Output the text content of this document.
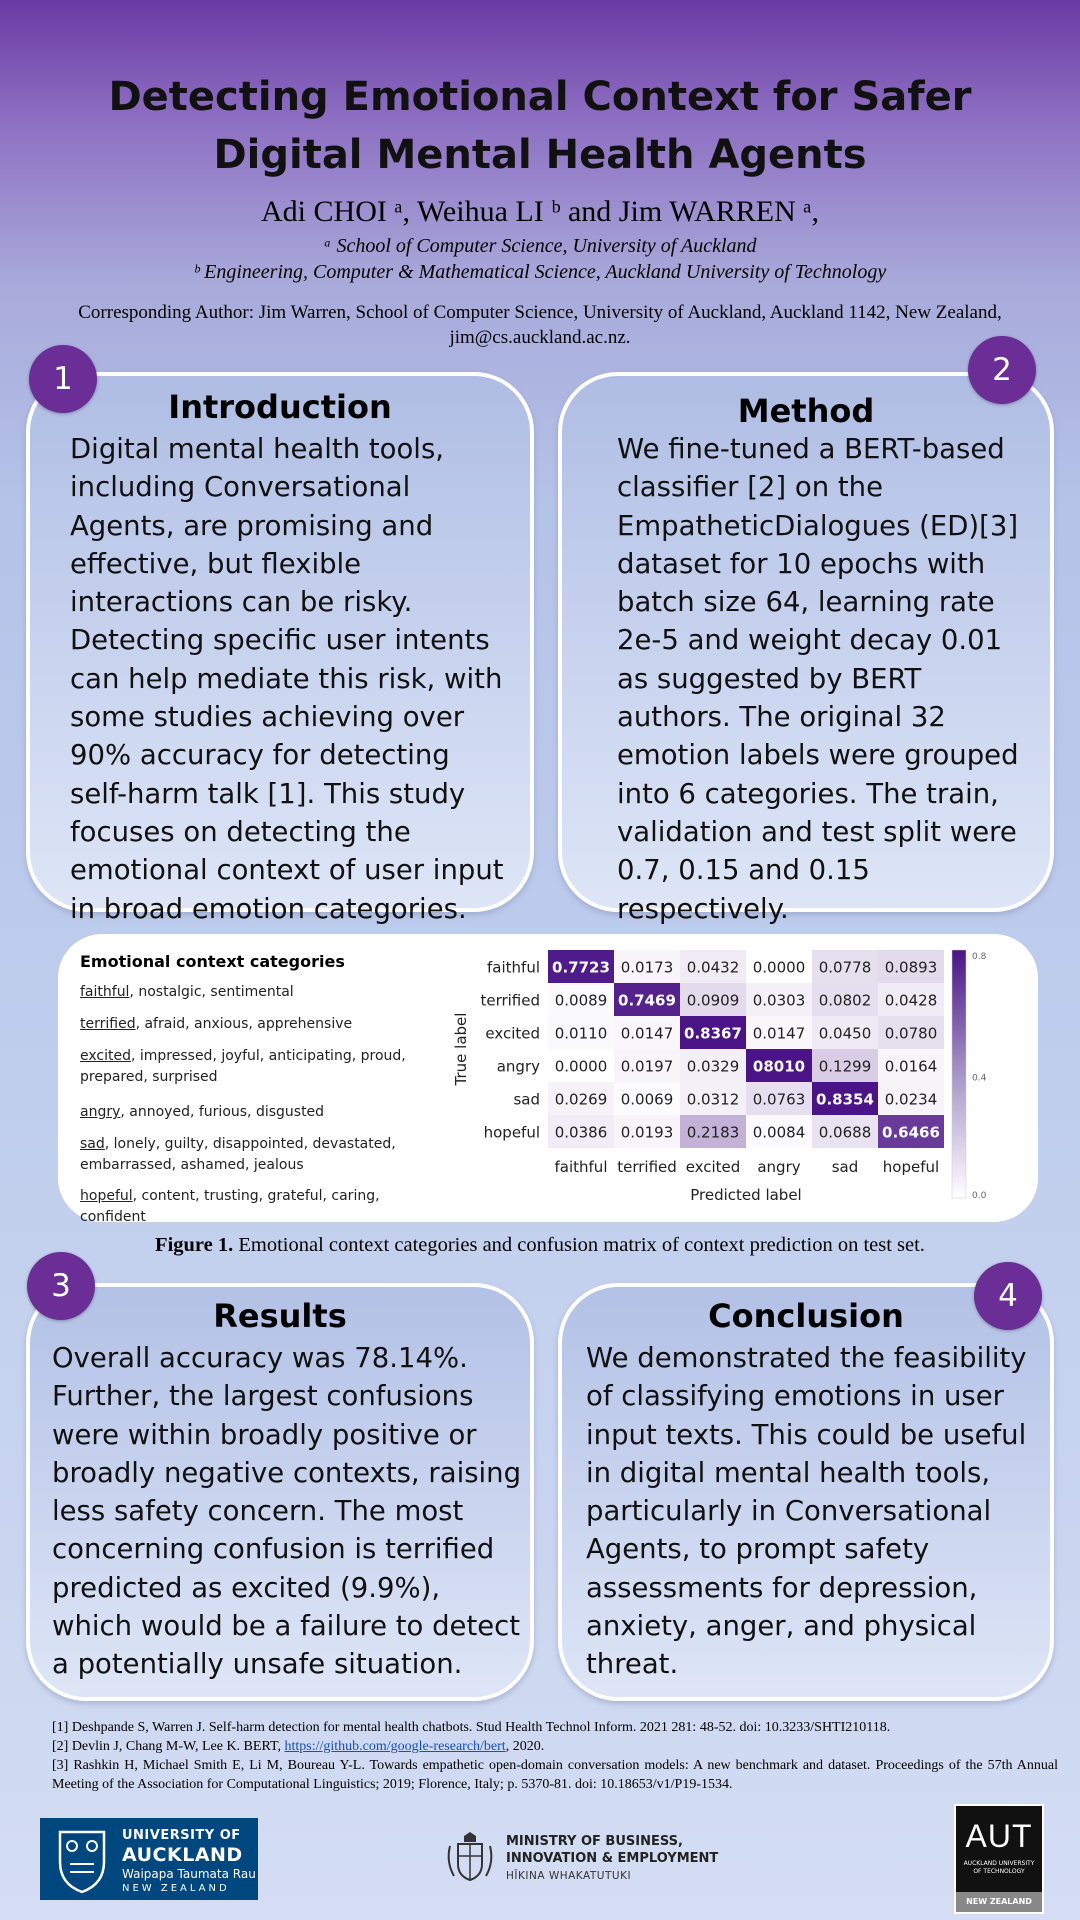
Detecting Emotional Context for Safer
Digital Mental Health Agents
Adi CHOI ᵃ, Weihua LI ᵇ and Jim WARREN ᵃ,
ᵃ School of Computer Science, University of Auckland
ᵇ Engineering, Computer & Mathematical Science, Auckland University of Technology
Corresponding Author: Jim Warren, School of Computer Science, University of Auckland, Auckland 1142, New Zealand, jim@cs.auckland.ac.nz.
Introduction
Digital mental health tools, including Conversational Agents, are promising and effective, but flexible interactions can be risky. Detecting specific user intents can help mediate this risk, with some studies achieving over 90% accuracy for detecting self-harm talk [1]. This study focuses on detecting the emotional context of user input in broad emotion categories.
1
Method
We fine-tuned a BERT-based classifier [2] on the EmpatheticDialogues (ED)[3] dataset for 10 epochs with batch size 64, learning rate 2e-5 and weight decay 0.01 as suggested by BERT authors. The original 32 emotion labels were grouped into 6 categories. The train, validation and test split were 0.7, 0.15 and 0.15 respectively.
2
Emotional context categories
faithful, nostalgic, sentimental
terrified, afraid, anxious, apprehensive
excited, impressed, joyful, anticipating, proud, prepared, surprised
angry, annoyed, furious, disgusted
sad, lonely, guilty, disappointed, devastated, embarrassed, ashamed, jealous
hopeful, content, trusting, grateful, caring, confident
0.7723 0.0173 0.0432 0.0000 0.0778 0.0893
0.0089 0.7469 0.0909 0.0303 0.0802 0.0428
0.0110 0.0147 0.8367 0.0147 0.0450 0.0780
0.0000 0.0197 0.0329 08010 0.1299 0.0164
0.0269 0.0069 0.0312 0.0763 0.8354 0.0234
0.0386 0.0193 0.2183 0.0084 0.0688 0.6466
faithful
terrified
excited
angry
sad
hopeful
faithful terrified excited angry sad hopeful
Predicted label
True label
0.8
0.4
0.0
Figure 1. Emotional context categories and confusion matrix of context prediction on test set.
Results
Overall accuracy was 78.14%. Further, the largest confusions were within broadly positive or broadly negative contexts, raising less safety concern. The most concerning confusion is terrified predicted as excited (9.9%), which would be a failure to detect a potentially unsafe situation.
3
Conclusion
We demonstrated the feasibility of classifying emotions in user input texts. This could be useful in digital mental health tools, particularly in Conversational Agents, to prompt safety assessments for depression, anxiety, anger, and physical threat.
4
[1] Deshpande S, Warren J. Self-harm detection for mental health chatbots. Stud Health Technol Inform. 2021 281: 48-52. doi: 10.3233/SHTI210118.
[2] Devlin J, Chang M-W, Lee K. BERT, https://github.com/google-research/bert, 2020.
[3] Rashkin H, Michael Smith E, Li M, Boureau Y-L. Towards empathetic open-domain conversation models: A new benchmark and dataset. Proceedings of the 57th Annual Meeting of the Association for Computational Linguistics; 2019; Florence, Italy; p. 5370-81. doi: 10.18653/v1/P19-1534.
UNIVERSITY OF
AUCKLAND
Waipapa Taumata Rau
NEW ZEALAND
MINISTRY OF BUSINESS,
INNOVATION & EMPLOYMENT
HĪKINA WHAKATUTUKI
AUT
AUCKLAND UNIVERSITY
OF TECHNOLOGY
NEW ZEALAND
